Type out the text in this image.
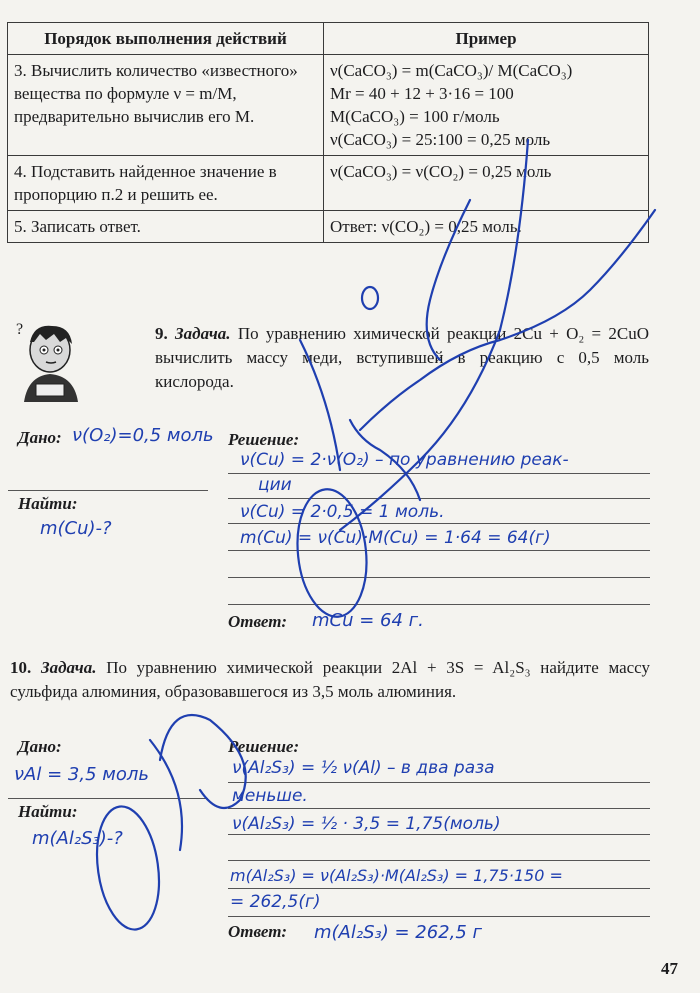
Порядок выполнения действий	Пример
3. Вычислить количество «известного» вещества по формуле ν = m/M, предварительно вычислив его M.	ν(CaCO₃) = m(CaCO₃)/ M(CaCO₃)
Mr = 40 + 12 + 3·16 = 100
M(CaCO₃) = 100 г/моль
ν(CaCO₃) = 25:100 = 0,25 моль

4. Подставить найденное значение в пропорцию п.2 и решить ее.	ν(CaCO₃) = ν(CO₂) = 0,25 моль

5. Записать ответ.	Ответ: ν(CO₂) = 0,25 моль.
?	9. Задача. По уравнению химической реакции 2Cu + O₂ = 2CuO вычислить массу меди, вступившей в реакцию с 0,5 моль кислорода.
Дано: ν(O₂)=0,5 моль
Найти:
m(Cu)-?
Решение:
ν(Cu) = 2·ν(O₂) – по уравнению реак-
ции
ν(Cu) = 2·0,5 = 1 моль.
m(Cu) = ν(Cu)·M(Cu) = 1·64 = 64(г)
Ответ: mCu = 64 г.
10. Задача. По уравнению химической реакции 2Al + 3S = Al₂S₃ найдите массу сульфида алюминия, образовавшегося из 3,5 моль алюминия.
Дано:
νAl = 3,5 моль
Найти:
m(Al₂S₃)-?
Решение:
ν(Al₂S₃) = ½ ν(Al) – в два раза
меньше.
ν(Al₂S₃) = ½ · 3,5 = 1,75(моль)
m(Al₂S₃) = ν(Al₂S₃)·M(Al₂S₃) = 1,75·150 =
= 262,5(г)
Ответ: m(Al₂S₃) = 262,5 г
47
